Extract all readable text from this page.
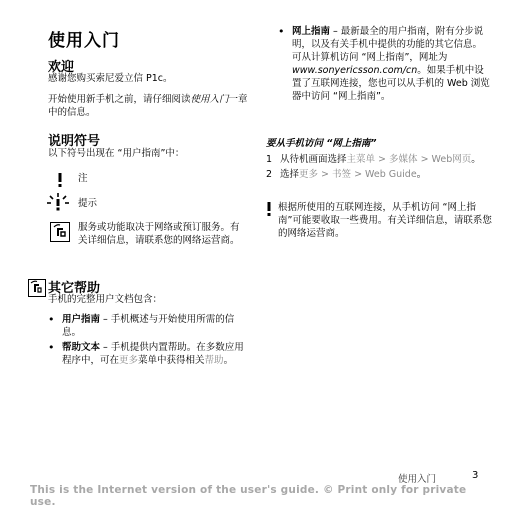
使用入门
欢迎

感谢您购买索尼爱立信 P1c。

开始使用新手机之前，请仔细阅读使用入门一章中的信息。

说明符号

以下符号出现在 “用户指南”中：

注
提示
服务或功能取决于网络或预订服务。有关详细信息，请联系您的网络运营商。
其它帮助

手机的完整用户文档包含：

• 用户指南 – 手机概述与开始使用所需的信息。
• 帮助文本 – 手机提供内置帮助。在多数应用程序中，可在更多菜单中获得相关帮助。
• 网上指南 – 最新最全的用户指南，附有分步说明，以及有关手机中提供的功能的其它信息。可从计算机访问 “网上指南”，网址为www.sonyericsson.com/cn。如果手机中设置了互联网连接，您也可以从手机的 Web 浏览器中访问 “网上指南”。
要从手机访问 “网上指南”
1 从待机画面选择主菜单 > 多媒体 > Web网页。
2 选择更多 > 书签 > Web Guide。
根据所使用的互联网连接，从手机访问 “网上指南”可能要收取一些费用。有关详细信息，请联系您的网络运营商。
使用入门	3
This is the Internet version of the user's guide. © Print only for private use.
